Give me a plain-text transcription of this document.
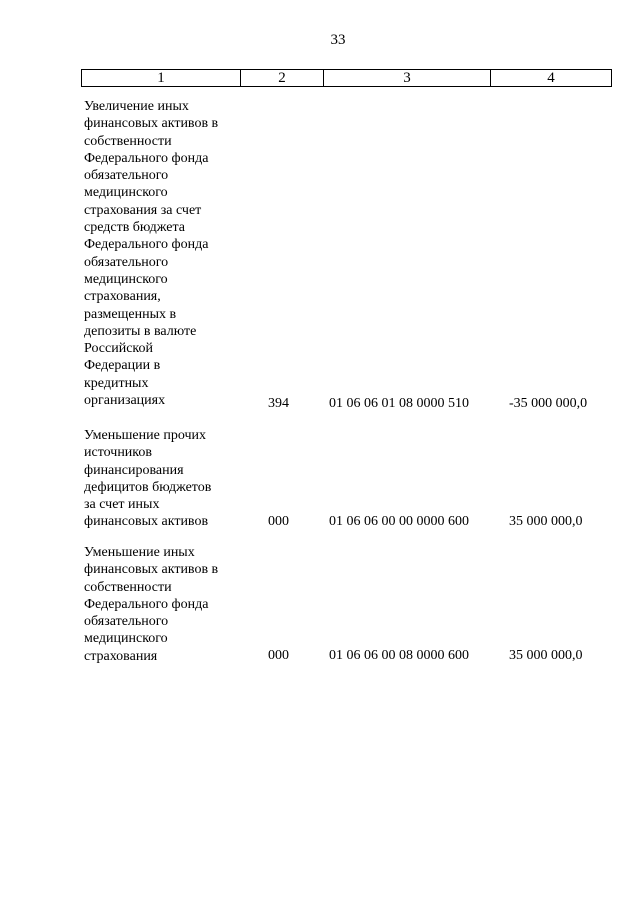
33
1	2	3	4
Увеличение иных
финансовых активов в
собственности
Федерального фонда
обязательного
медицинского
страхования за счет
средств бюджета
Федерального фонда
обязательного
медицинского
страхования,
размещенных в
депозиты в валюте
Российской
Федерации в
кредитных
организациях	394	01 06 06 01 08 0000 510	-35 000 000,0
Уменьшение прочих
источников
финансирования
дефицитов бюджетов
за счет иных
финансовых активов	000	01 06 06 00 00 0000 600	35 000 000,0
Уменьшение иных
финансовых активов в
собственности
Федерального фонда
обязательного
медицинского
страхования	000	01 06 06 00 08 0000 600	35 000 000,0
